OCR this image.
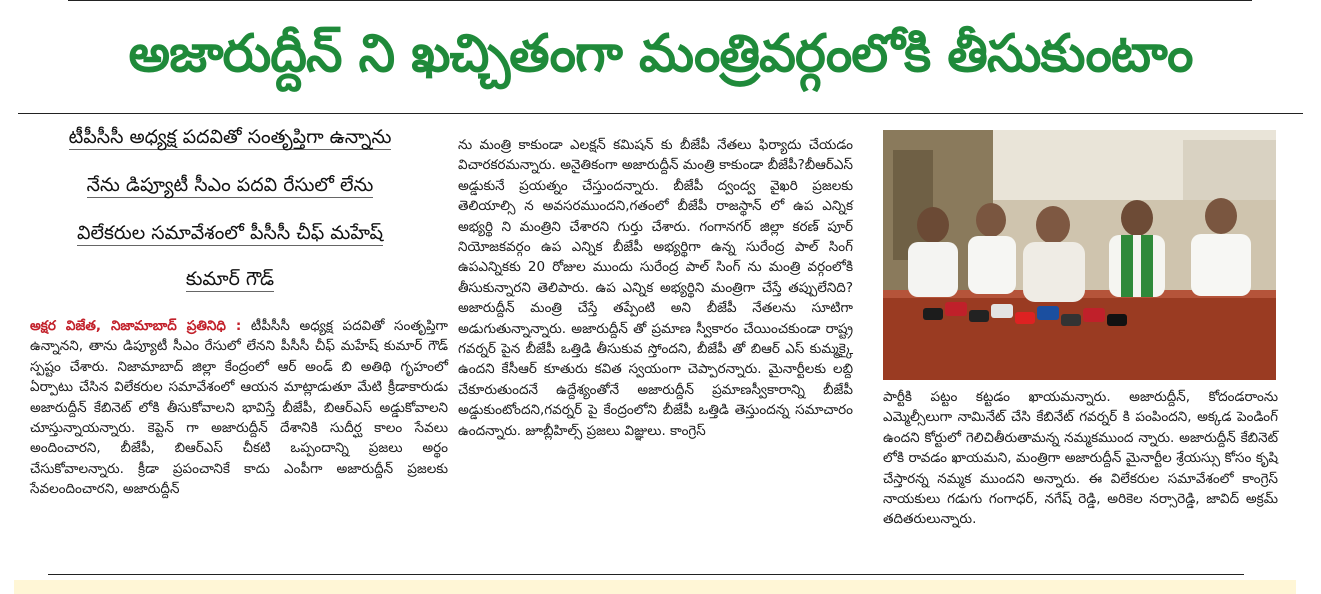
అజారుద్దీన్ ని ఖచ్చితంగా మంత్రివర్గంలోకి తీసుకుంటాం
టీపీసీసీ అధ్యక్ష పదవితో సంతృప్తిగా ఉన్నాను
నేను డిప్యూటీ సీఎం పదవి రేసులో లేను
విలేకరుల సమావేశంలో పీసీసీ చీఫ్ మహేష్
కుమార్ గౌడ్

అక్షర విజేత, నిజామాబాద్ ప్రతినిధి : టీపీసీసీ అధ్యక్ష పదవితో సంతృప్తిగా ఉన్నానని, తాను డిప్యూటీ సీఎం రేసులో లేనని పీసీసీ చీఫ్ మహేష్ కుమార్ గౌడ్ స్పష్టం చేశారు. నిజామాబాద్ జిల్లా కేంద్రంలో ఆర్ అండ్ బి అతిథి గృహంలో ఏర్పాటు చేసిన విలేకరుల సమావేశంలో ఆయన మాట్లాడుతూ మేటి క్రీడాకారుడు అజారుద్దీన్ కేబినెట్ లోకి తీసుకోవాలని భావిస్తే బీజేపీ, బిఆర్ఎస్ అడ్డుకోవాలని చూస్తున్నాయన్నారు. కెప్టెన్ గా అజారుద్దీన్ దేశానికి సుదీర్ఘ కాలం సేవలు అందించారని, బీజేపీ, బిఆర్ఎస్ చీకటి ఒప్పందాన్ని ప్రజలు అర్థం చేసుకోవాలన్నారు. క్రీడా ప్రపంచానికే కాదు ఎంపీగా అజారుద్దీన్ ప్రజలకు సేవలందించారని, అజారుద్దీన్

ను మంత్రి కాకుండా ఎలక్షన్ కమిషన్ కు బీజేపీ నేతలు ఫిర్యాదు చేయడం విచారకరమన్నారు. అనైతికంగా అజారుద్దీన్ మంత్రి కాకుండా బీజేపీ?బీఆర్ఎస్ అడ్డుకునే ప్రయత్నం చేస్తుందన్నారు. బీజేపీ ద్వంద్వ వైఖరి ప్రజలకు తెలియాల్సి న అవసరముందని,గతంలో బీజేపీ రాజస్థాన్ లో ఉప ఎన్నిక అభ్యర్థి ని మంత్రిని చేశారని గుర్తు చేశారు. గంగానగర్ జిల్లా కరణ్ పూర్ నియోజకవర్గం ఉప ఎన్నిక బీజేపీ అభ్యర్థిగా ఉన్న సురేంద్ర పాల్ సింగ్ ఉపఎన్నికకు 20 రోజుల ముందు సురేంద్ర పాల్ సింగ్ ను మంత్రి వర్గంలోకి తీసుకున్నారని తెలిపారు. ఉప ఎన్నిక అభ్యర్థిని మంత్రిగా చేస్తే తప్పులేనిది? అజారుద్దీన్ మంత్రి చేస్తే తప్పేంటి అని బీజేపీ నేతలను సూటిగా అడుగుతున్నాన్నారు. అజారుద్దీన్ తో ప్రమాణ స్వీకారం చేయించకుండా రాష్ట్ర గవర్నర్ పైన బీజేపీ ఒత్తిడి తీసుకువ స్తోందని, బీజేపీ తో బిఆర్ ఎస్ కుమ్మక్కై ఉందని కేసీఆర్ కూతురు కవిత స్వయంగా చెప్పారన్నారు. మైనార్టీలకు లబ్ది చేకూరుతుందనే ఉద్దేశ్యంతోనే అజారుద్దీన్ ప్రమాణస్వీకారాన్ని బీజేపీ అడ్డుకుంటోందని,గవర్నర్ పై కేంద్రంలోని బీజేపీ ఒత్తిడి తెస్తుందన్న సమాచారం ఉందన్నారు. జూబ్లీహిల్స్ ప్రజలు విజ్ఞులు. కాంగ్రెస్

పార్టీకి పట్టం కట్టడం ఖాయమన్నారు. అజారుద్దీన్, కోదండరాంను ఎమ్మెల్సీలుగా నామినేట్ చేసి కేబినేట్ గవర్నర్ కి పంపిందని, అక్కడ పెండింగ్ ఉందని కోర్టులో గెలిచితీరుతామన్న నమ్మకముంద న్నారు. అజారుద్దీన్ కేబినెట్ లోకి రావడం ఖాయమని, మంత్రిగా అజారుద్దీన్ మైనార్టీల శ్రేయస్సు కోసం కృషి చేస్తారన్న నమ్మక ముందని అన్నారు. ఈ విలేకరుల సమావేశంలో కాంగ్రెస్ నాయకులు గడుగు గంగాధర్, నగేష్ రెడ్డి, అరికెల నర్సారెడ్డి, జావిద్ అక్రమ్ తదితరులున్నారు.
